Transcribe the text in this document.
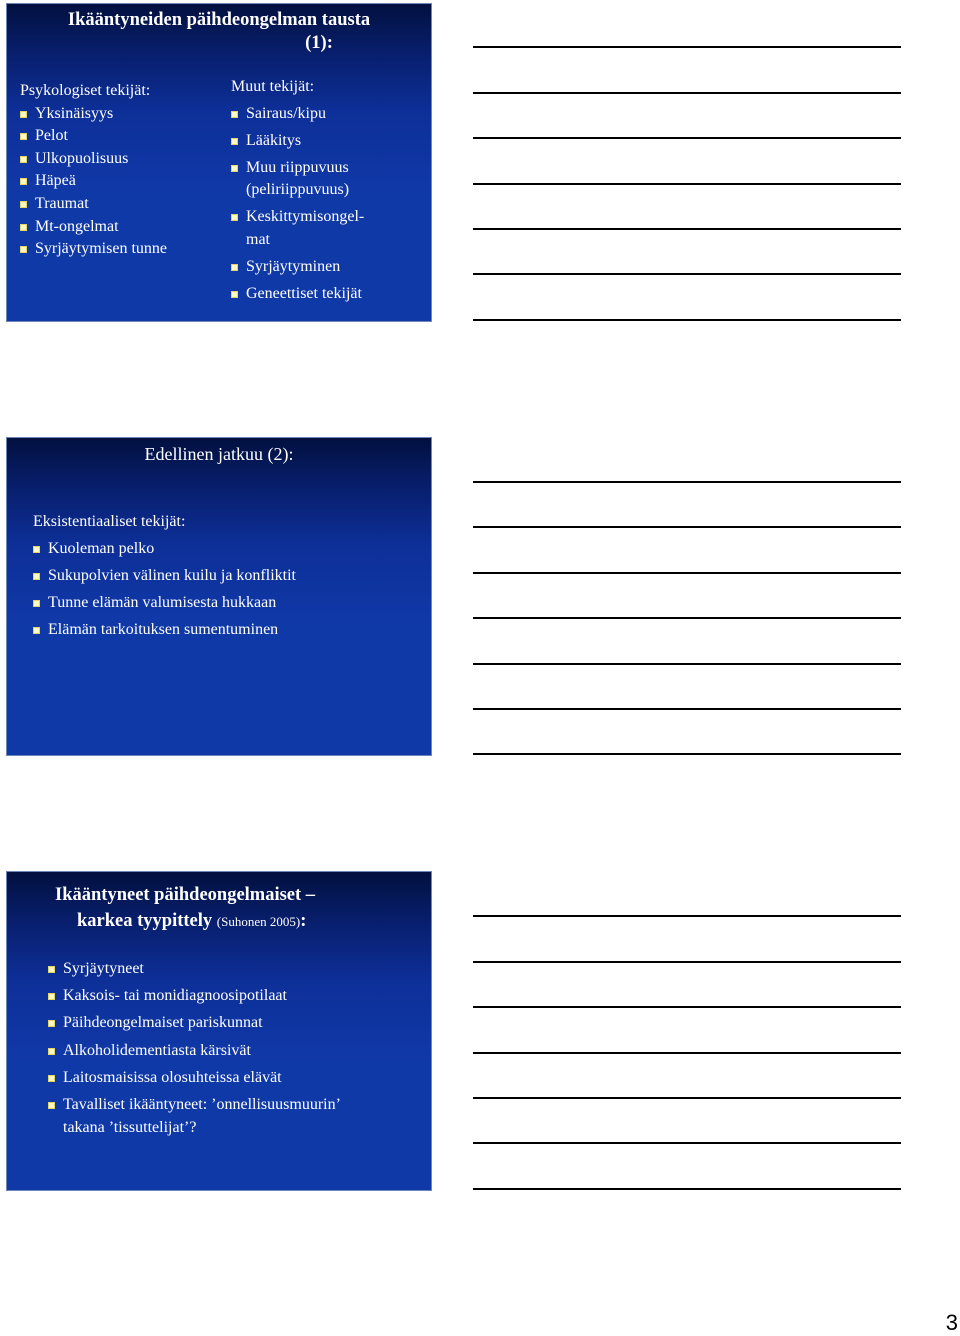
Ikääntyneiden päihdeongelman tausta
(1):
Psykologiset tekijät:
Yksinäisyys
Pelot
Ulkopuolisuus
Häpeä
Traumat
Mt-ongelmat
Syrjäytymisen tunne
Muut tekijät:
Sairaus/kipu
Lääkitys
Muu riippuvuus
(peliriippuvuus)
Keskittymisongel-
mat
Syrjäytyminen
Geneettiset tekijät
Edellinen jatkuu (2):
Eksistentiaaliset tekijät:
Kuoleman pelko
Sukupolvien välinen kuilu ja konfliktit
Tunne elämän valumisesta hukkaan
Elämän tarkoituksen sumentuminen
Ikääntyneet päihdeongelmaiset –
karkea tyypittely (Suhonen 2005):
Syrjäytyneet
Kaksois- tai monidiagnoosipotilaat
Päihdeongelmaiset pariskunnat
Alkoholidementiasta kärsivät
Laitosmaisissa olosuhteissa elävät
Tavalliset ikääntyneet: ’onnellisuusmuurin’
takana ’tissuttelijat’?
3
